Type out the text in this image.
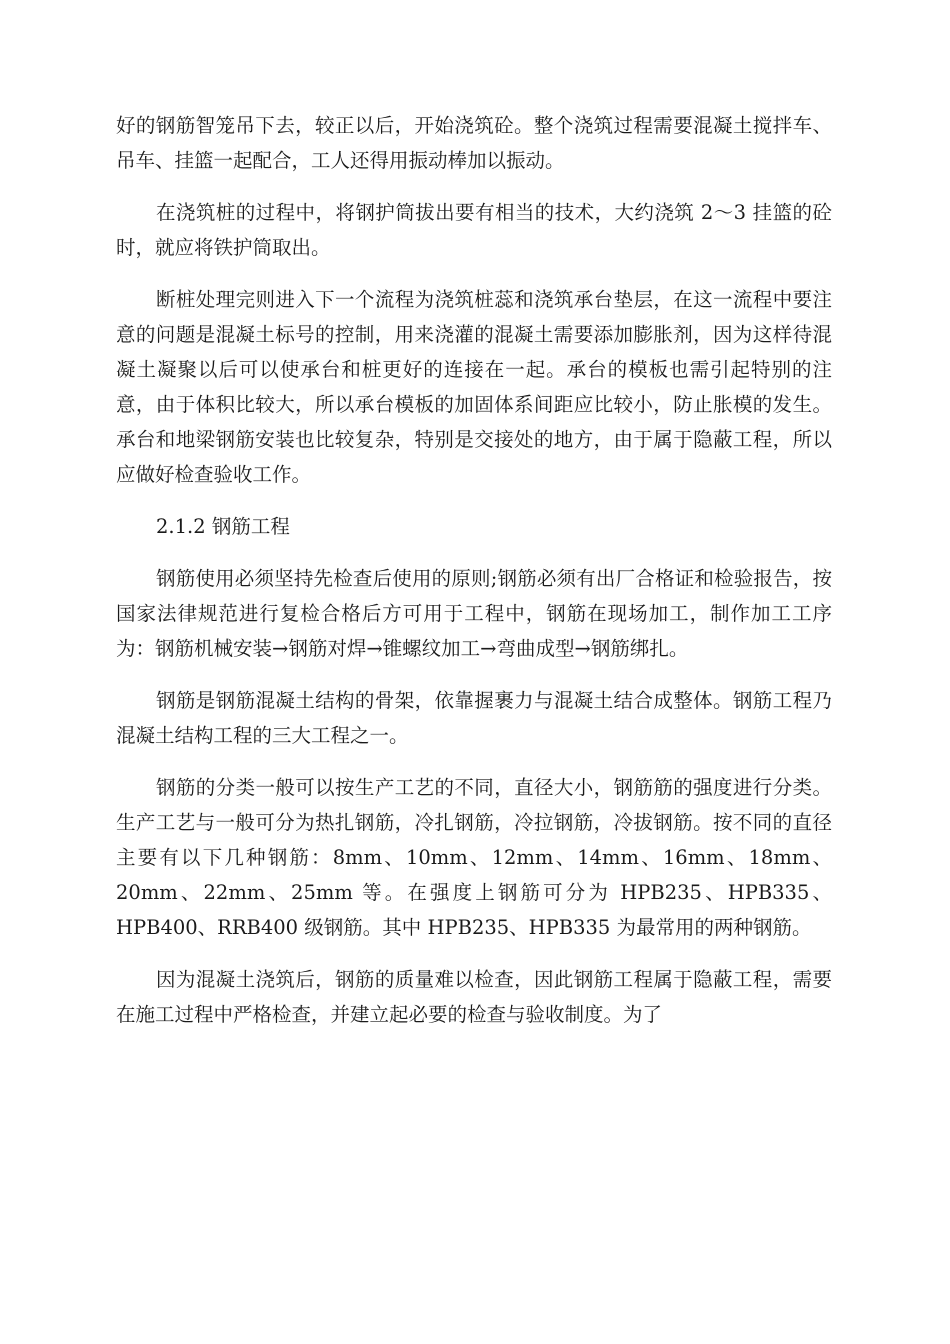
好的钢筋智笼吊下去，较正以后，开始浇筑砼。整个浇筑过程需要混凝土搅拌车、吊车、挂篮一起配合，工人还得用振动棒加以振动。

在浇筑桩的过程中，将钢护筒拔出要有相当的技术，大约浇筑 2～3 挂篮的砼时，就应将铁护筒取出。

断桩处理完则进入下一个流程为浇筑桩蕊和浇筑承台垫层，在这一流程中要注意的问题是混凝土标号的控制，用来浇灌的混凝土需要添加膨胀剂，因为这样待混凝土凝聚以后可以使承台和桩更好的连接在一起。承台的模板也需引起特别的注意，由于体积比较大，所以承台模板的加固体系间距应比较小，防止胀模的发生。承台和地梁钢筋安装也比较复杂，特别是交接处的地方，由于属于隐蔽工程，所以应做好检查验收工作。

2.1.2 钢筋工程

钢筋使用必须坚持先检查后使用的原则;钢筋必须有出厂合格证和检验报告，按国家法律规范进行复检合格后方可用于工程中，钢筋在现场加工，制作加工工序为：钢筋机械安装→钢筋对焊→锥螺纹加工→弯曲成型→钢筋绑扎。

钢筋是钢筋混凝土结构的骨架，依靠握裹力与混凝土结合成整体。钢筋工程乃混凝土结构工程的三大工程之一。

钢筋的分类一般可以按生产工艺的不同，直径大小，钢筋筋的强度进行分类。生产工艺与一般可分为热扎钢筋，冷扎钢筋，冷拉钢筋，冷拔钢筋。按不同的直径主要有以下几种钢筋：8mm、10mm、12mm、14mm、16mm、18mm、20mm、22mm、25mm 等。在强度上钢筋可分为 HPB235、HPB335、HPB400、RRB400 级钢筋。其中 HPB235、HPB335 为最常用的两种钢筋。

因为混凝土浇筑后，钢筋的质量难以检查，因此钢筋工程属于隐蔽工程，需要在施工过程中严格检查，并建立起必要的检查与验收制度。为了
